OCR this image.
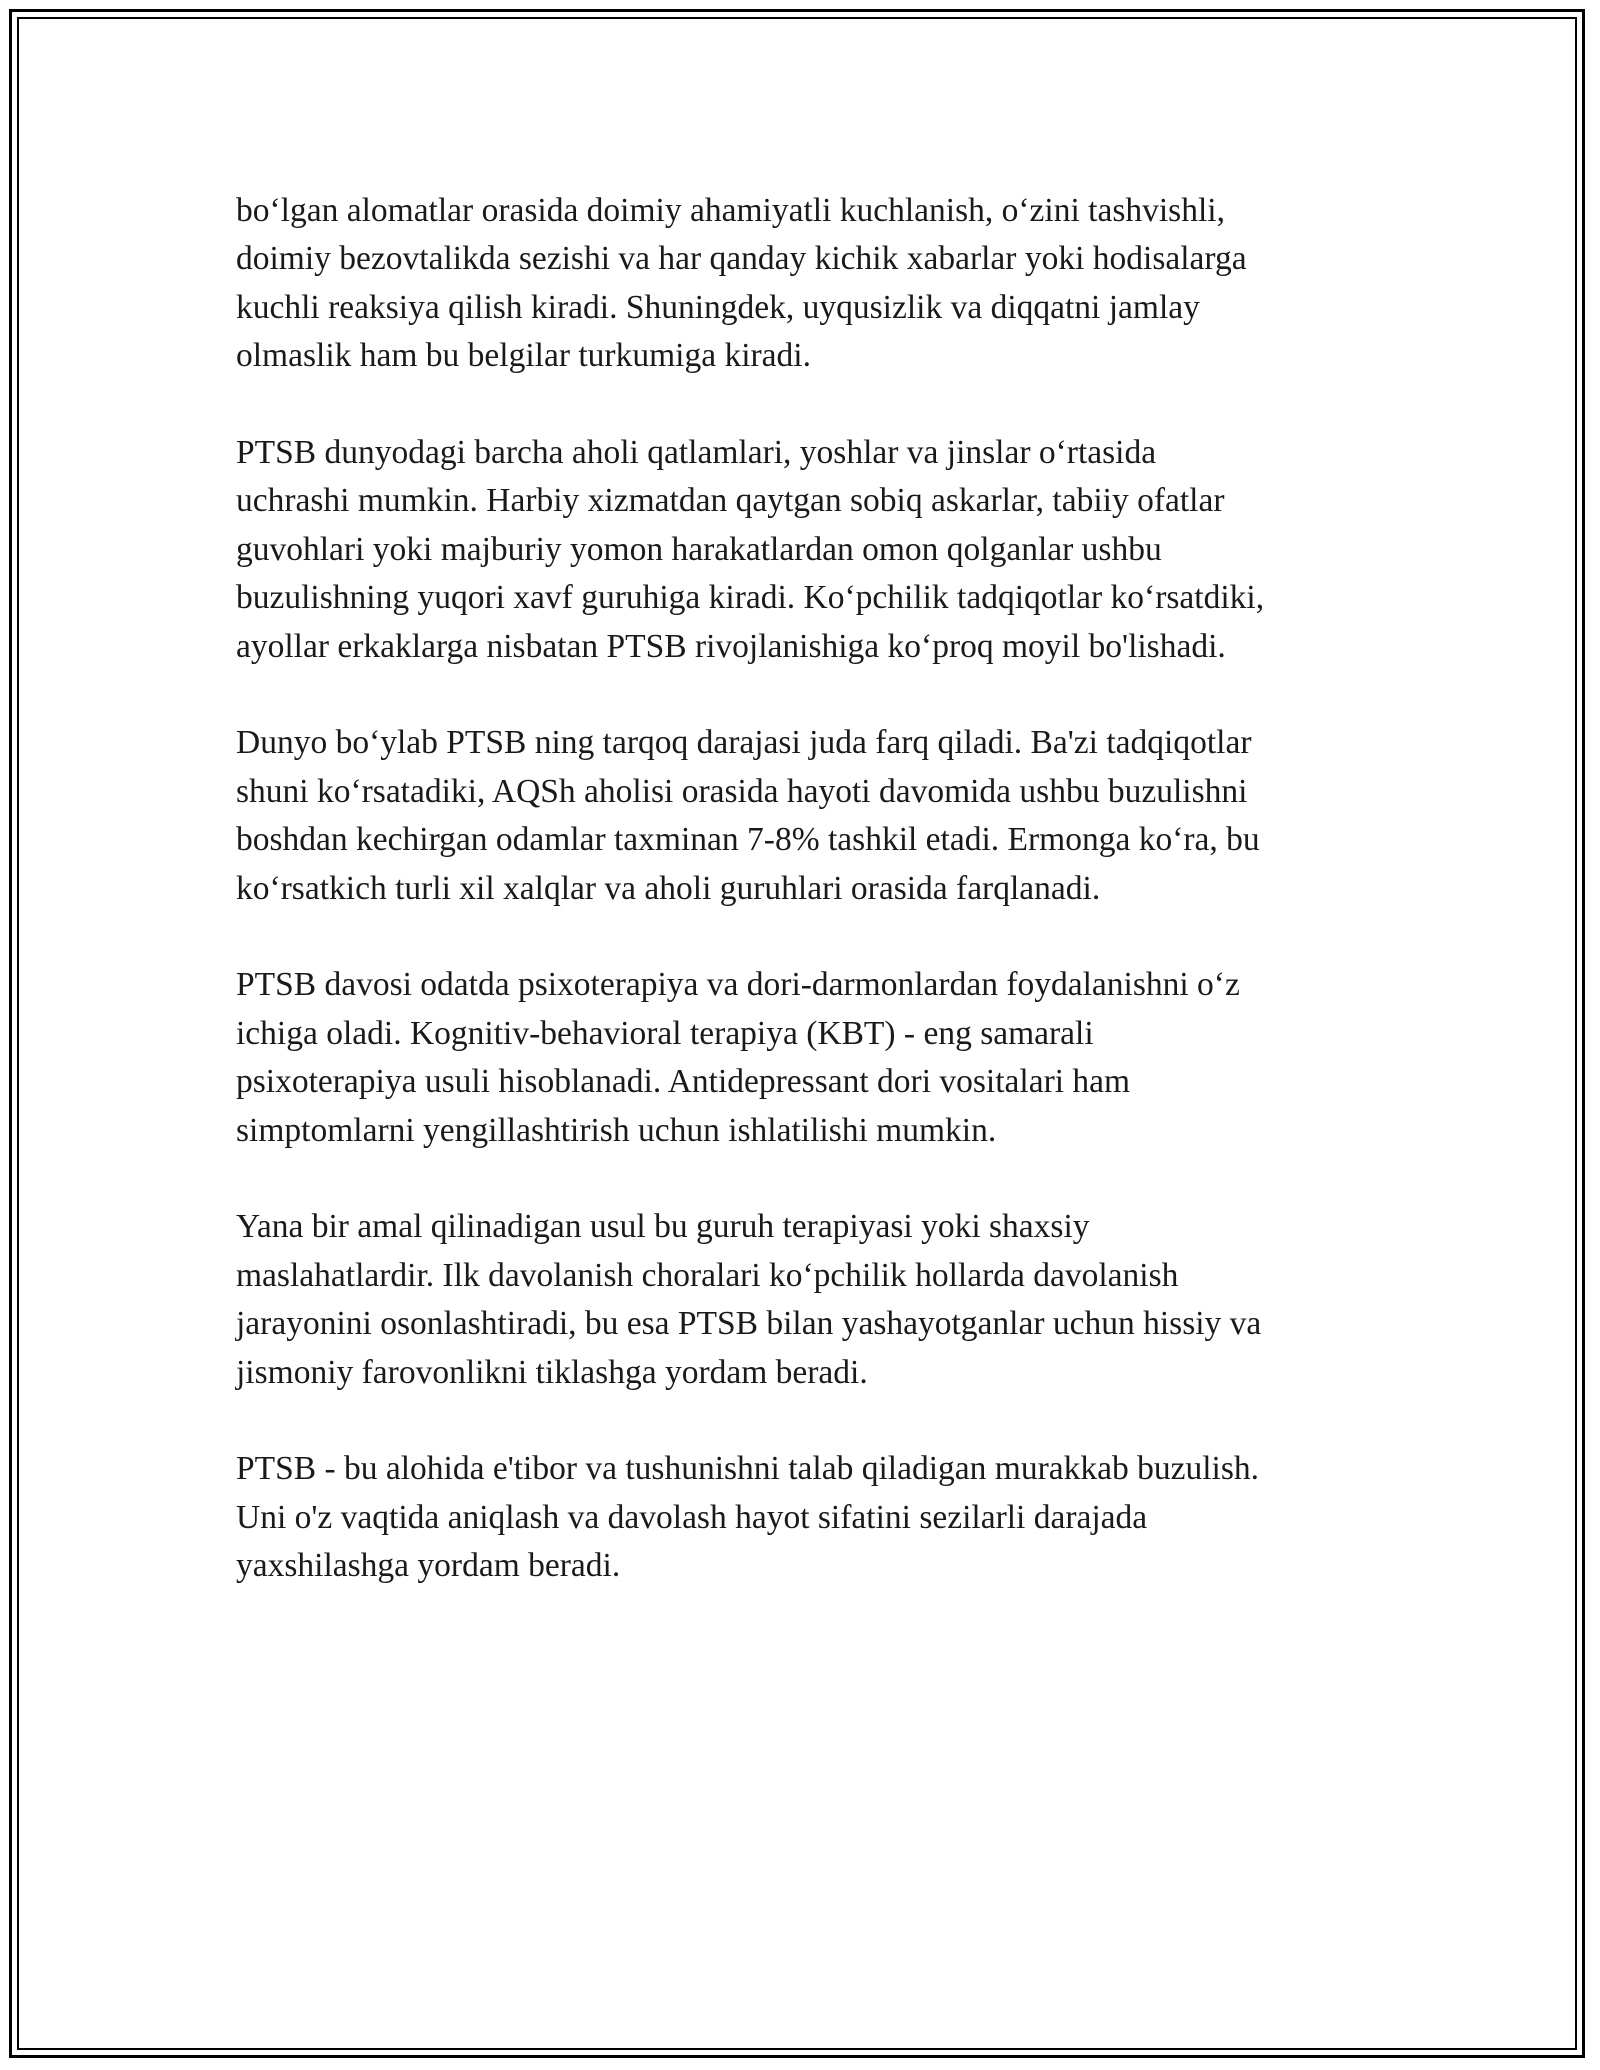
bo‘lgan alomatlar orasida doimiy ahamiyatli kuchlanish, o‘zini tashvishli,
doimiy bezovtalikda sezishi va har qanday kichik xabarlar yoki hodisalarga
kuchli reaksiya qilish kiradi. Shuningdek, uyqusizlik va diqqatni jamlay
olmaslik ham bu belgilar turkumiga kiradi.

PTSB dunyodagi barcha aholi qatlamlari, yoshlar va jinslar o‘rtasida
uchrashi mumkin. Harbiy xizmatdan qaytgan sobiq askarlar, tabiiy ofatlar
guvohlari yoki majburiy yomon harakatlardan omon qolganlar ushbu
buzulishning yuqori xavf guruhiga kiradi. Ko‘pchilik tadqiqotlar ko‘rsatdiki,
ayollar erkaklarga nisbatan PTSB rivojlanishiga ko‘proq moyil bo'lishadi.

Dunyo bo‘ylab PTSB ning tarqoq darajasi juda farq qiladi. Ba'zi tadqiqotlar
shuni ko‘rsatadiki, AQSh aholisi orasida hayoti davomida ushbu buzulishni
boshdan kechirgan odamlar taxminan 7-8% tashkil etadi. Ermonga ko‘ra, bu
ko‘rsatkich turli xil xalqlar va aholi guruhlari orasida farqlanadi.

PTSB davosi odatda psixoterapiya va dori-darmonlardan foydalanishni o‘z
ichiga oladi. Kognitiv-behavioral terapiya (KBT) - eng samarali
psixoterapiya usuli hisoblanadi. Antidepressant dori vositalari ham
simptomlarni yengillashtirish uchun ishlatilishi mumkin.

Yana bir amal qilinadigan usul bu guruh terapiyasi yoki shaxsiy
maslahatlardir. Ilk davolanish choralari ko‘pchilik hollarda davolanish
jarayonini osonlashtiradi, bu esa PTSB bilan yashayotganlar uchun hissiy va
jismoniy farovonlikni tiklashga yordam beradi.

PTSB - bu alohida e'tibor va tushunishni talab qiladigan murakkab buzulish.
Uni o'z vaqtida aniqlash va davolash hayot sifatini sezilarli darajada
yaxshilashga yordam beradi.
